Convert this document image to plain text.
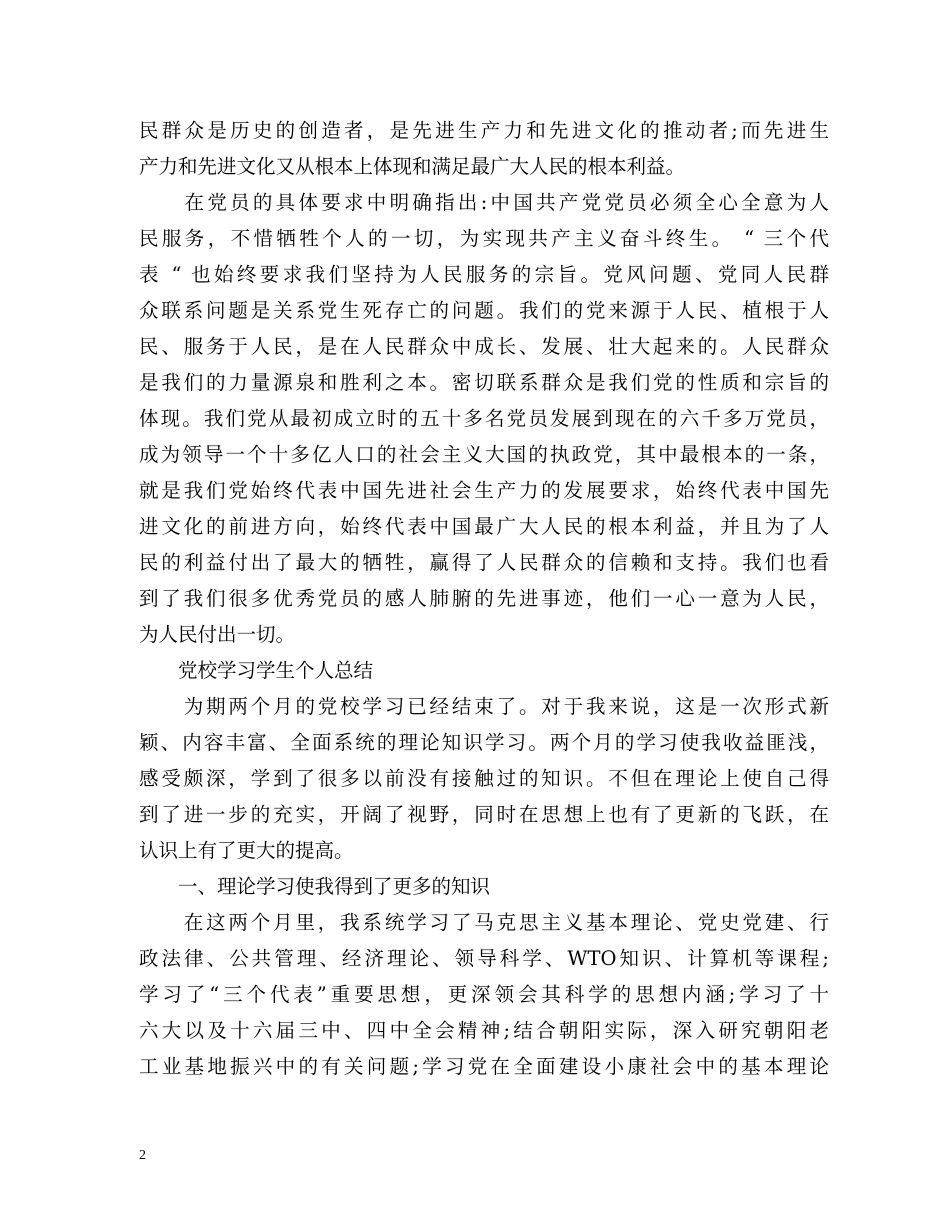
民群众是历史的创造者，是先进生产力和先进文化的推动者;而先进生
产力和先进文化又从根本上体现和满足最广大人民的根本利益。
　　在党员的具体要求中明确指出:中国共产党党员必须全心全意为人
民服务，不惜牺牲个人的一切，为实现共产主义奋斗终生。 “ 三个代
表 “ 也始终要求我们坚持为人民服务的宗旨。党风问题、党同人民群
众联系问题是关系党生死存亡的问题。我们的党来源于人民、植根于人
民、服务于人民，是在人民群众中成长、发展、壮大起来的。人民群众
是我们的力量源泉和胜利之本。密切联系群众是我们党的性质和宗旨的
体现。我们党从最初成立时的五十多名党员发展到现在的六千多万党员，
成为领导一个十多亿人口的社会主义大国的执政党，其中最根本的一条，
就是我们党始终代表中国先进社会生产力的发展要求，始终代表中国先
进文化的前进方向，始终代表中国最广大人民的根本利益，并且为了人
民的利益付出了最大的牺牲，赢得了人民群众的信赖和支持。我们也看
到了我们很多优秀党员的感人肺腑的先进事迹，他们一心一意为人民，
为人民付出一切。
　　党校学习学生个人总结
　　为期两个月的党校学习已经结束了。对于我来说，这是一次形式新
颖、内容丰富、全面系统的理论知识学习。两个月的学习使我收益匪浅，
感受颇深，学到了很多以前没有接触过的知识。不但在理论上使自己得
到了进一步的充实，开阔了视野，同时在思想上也有了更新的飞跃，在
认识上有了更大的提高。
　　一、理论学习使我得到了更多的知识
　　在这两个月里，我系统学习了马克思主义基本理论、党史党建、行
政法律、公共管理、经济理论、领导科学、WTO知识、计算机等课程;
学习了“三个代表”重要思想，更深领会其科学的思想内涵;学习了十
六大以及十六届三中、四中全会精神;结合朝阳实际，深入研究朝阳老
工业基地振兴中的有关问题;学习党在全面建设小康社会中的基本理论
2
